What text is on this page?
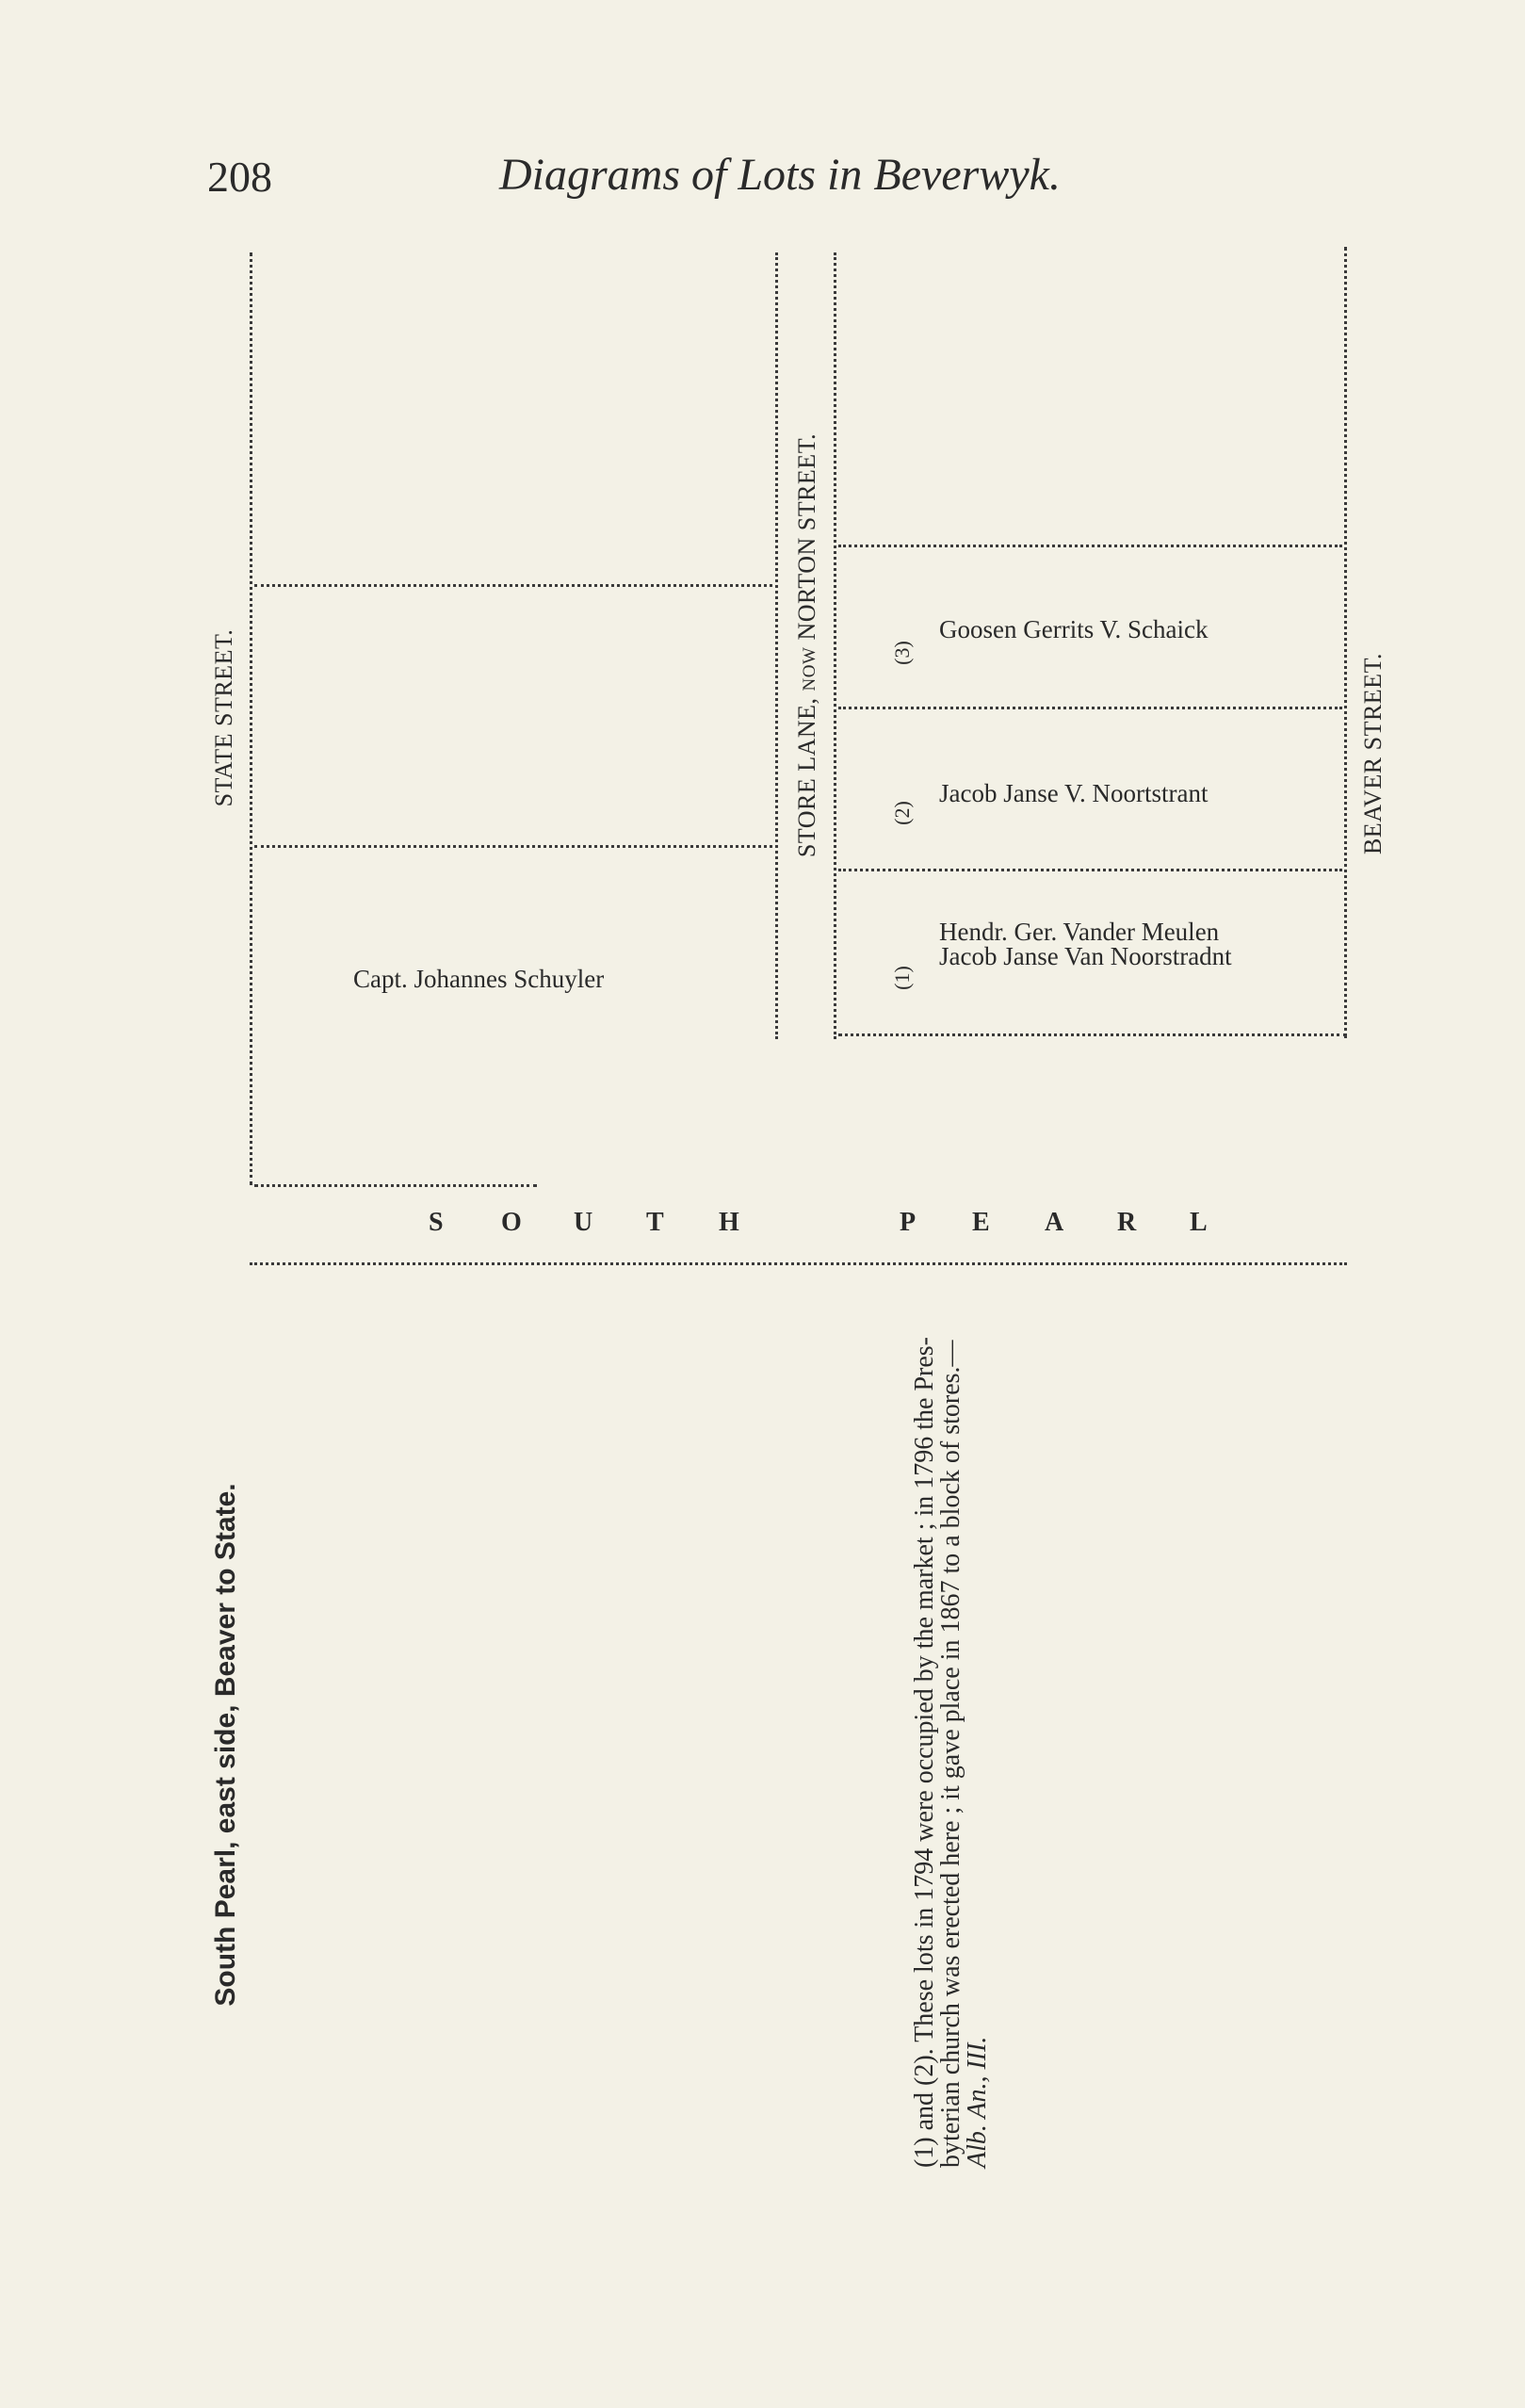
208	Diagrams of Lots in Beverwyk.
STATE STREET.	STORE LANE, NOW NORTON STREET.
BEAVER STREET.
S	O	U	T	H	P	E	A	R	L
(3)
Goosen Gerrits V. Schaick
(2)
Jacob Janse V. Noortstrant
(1)
Hendr. Ger. Vander Meulen
Jacob Janse Van Noorstradnt
Capt. Johannes Schuyler
South Pearl, east side, Beaver to State.	(1) and (2). These lots in 1794 were occupied by the market ; in 1796 the Pres-
byterian church was erected here ; it gave place in 1867 to a block of stores.—
Alb. An., III.
